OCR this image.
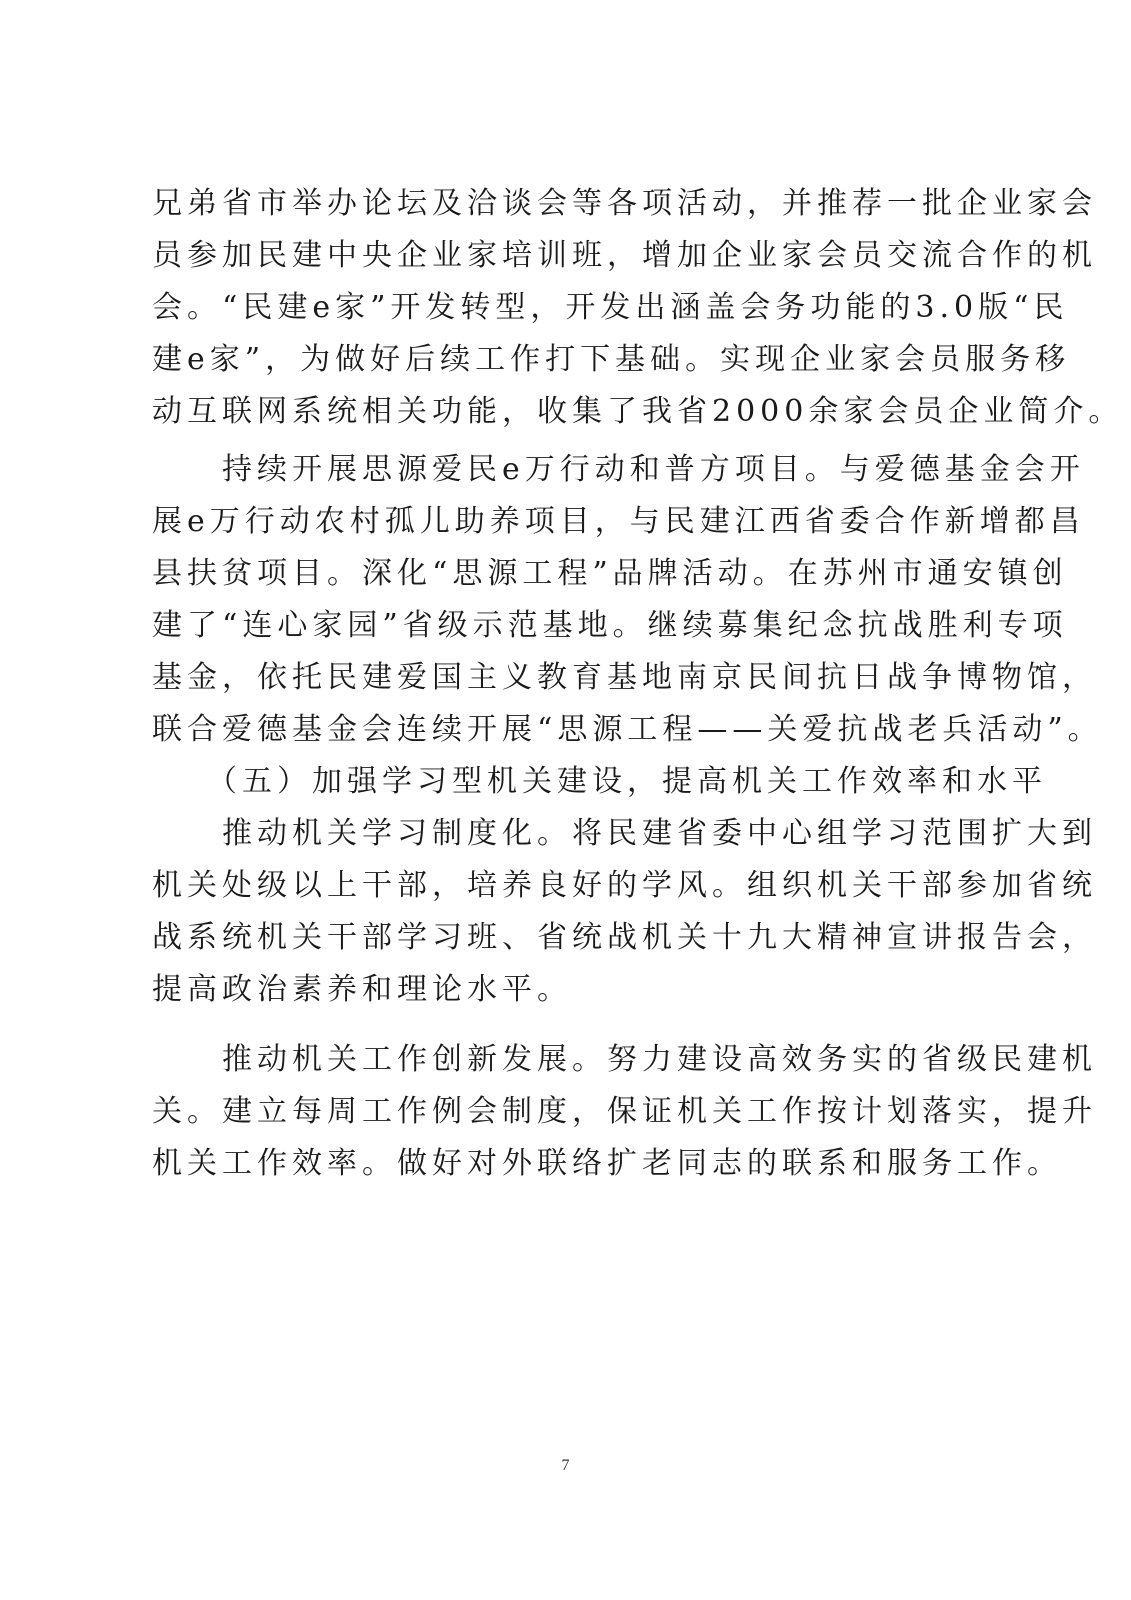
兄弟省市举办论坛及洽谈会等各项活动，并推荐一批企业家会
员参加民建中央企业家培训班，增加企业家会员交流合作的机
会。“民建e家”开发转型，开发出涵盖会务功能的3.0版“民
建e家”，为做好后续工作打下基础。实现企业家会员服务移
动互联网系统相关功能，收集了我省2000余家会员企业简介。
　　持续开展思源爱民e万行动和普方项目。与爱德基金会开
展e万行动农村孤儿助养项目，与民建江西省委合作新增都昌
县扶贫项目。深化“思源工程”品牌活动。在苏州市通安镇创
建了“连心家园”省级示范基地。继续募集纪念抗战胜利专项
基金，依托民建爱国主义教育基地南京民间抗日战争博物馆，
联合爱德基金会连续开展“思源工程——关爱抗战老兵活动”。
　　（五）加强学习型机关建设，提高机关工作效率和水平
　　推动机关学习制度化。将民建省委中心组学习范围扩大到
机关处级以上干部，培养良好的学风。组织机关干部参加省统
战系统机关干部学习班、省统战机关十九大精神宣讲报告会，
提高政治素养和理论水平。
　　推动机关工作创新发展。努力建设高效务实的省级民建机
关。建立每周工作例会制度，保证机关工作按计划落实，提升
机关工作效率。做好对外联络扩老同志的联系和服务工作。
7
